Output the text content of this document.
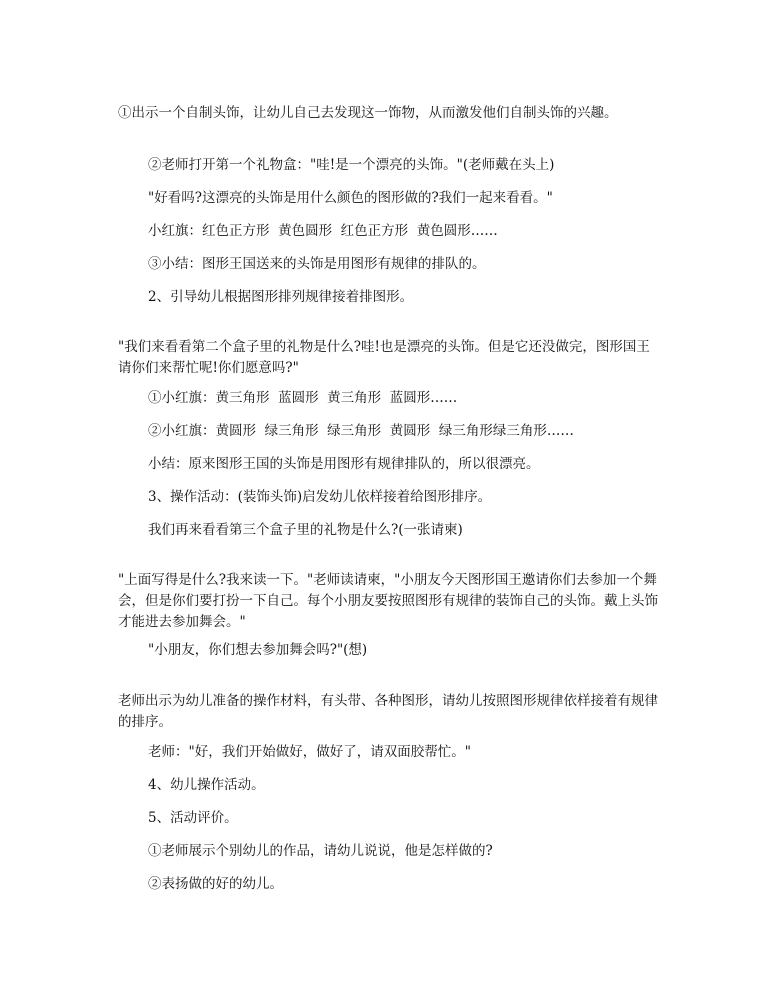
①出示一个自制头饰，让幼儿自己去发现这一饰物，从而激发他们自制头饰的兴趣。

②老师打开第一个礼物盒："哇!是一个漂亮的头饰。"(老师戴在头上)

"好看吗?这漂亮的头饰是用什么颜色的图形做的?我们一起来看看。"

小红旗：红色正方形  黄色圆形  红色正方形  黄色圆形……

③小结：图形王国送来的头饰是用图形有规律的排队的。

2、引导幼儿根据图形排列规律接着排图形。

"我们来看看第二个盒子里的礼物是什么?哇!也是漂亮的头饰。但是它还没做完，图形国王请你们来帮忙呢!你们愿意吗?"

①小红旗：黄三角形  蓝圆形  黄三角形  蓝圆形……

②小红旗：黄圆形  绿三角形  绿三角形  黄圆形  绿三角形绿三角形……

小结：原来图形王国的头饰是用图形有规律排队的，所以很漂亮。

3、操作活动：(装饰头饰)启发幼儿依样接着给图形排序。

我们再来看看第三个盒子里的礼物是什么?(一张请柬)

"上面写得是什么?我来读一下。"老师读请柬，"小朋友今天图形国王邀请你们去参加一个舞会，但是你们要打扮一下自己。每个小朋友要按照图形有规律的装饰自己的头饰。戴上头饰才能进去参加舞会。"

"小朋友，你们想去参加舞会吗?"(想)

老师出示为幼儿准备的操作材料，有头带、各种图形，请幼儿按照图形规律依样接着有规律的排序。

老师："好，我们开始做好，做好了，请双面胶帮忙。"

4、幼儿操作活动。

5、活动评价。

①老师展示个别幼儿的作品，请幼儿说说，他是怎样做的?

②表扬做的好的幼儿。
